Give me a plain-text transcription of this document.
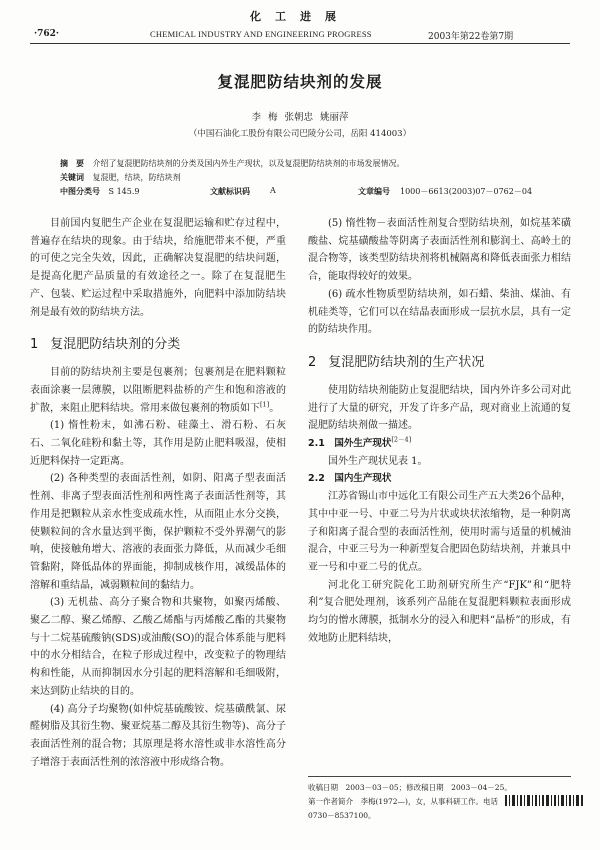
化工进展
·762·	CHEMICAL INDUSTRY AND ENGINEERING PROGRESS	2003年第22卷第7期
复混肥防结块剂的发展
李 梅 张朝忠 姚丽萍
（中国石油化工股份有限公司巴陵分公司，岳阳 414003）
摘　要 介绍了复混肥防结块剂的分类及国内外生产现状，以及复混肥防结块剂的市场发展情况。
关键词 复混肥，结块，防结块剂
中图分类号 S 145.9	文献标识码	A	文章编号 1000－6613(2003)07－0762－04

目前国内复肥生产企业在复混肥运输和贮存过程中，普遍存在结块的现象。由于结块，给施肥带来不便，严重的可使之完全失效，因此，正确解决复混肥的结块问题，是提高化肥产品质量的有效途径之一。除了在复混肥生产、包装、贮运过程中采取措施外，向肥料中添加防结块剂是最有效的防结块方法。

1 复混肥防结块剂的分类

目前的防结块剂主要是包裹剂；包裹剂是在肥料颗粒表面涂裹一层薄膜，以阻断肥料盐桥的产生和饱和溶液的扩散，来阻止肥料结块。常用来做包裹剂的物质如下[1]。

(1) 惰性粉末，如沸石粉、硅藻土、滑石粉、石灰石、二氧化硅粉和黏土等，其作用是防止肥料吸湿，使相近肥料保持一定距离。

(2) 各种类型的表面活性剂，如阴、阳离子型表面活性剂、非离子型表面活性剂和两性离子表面活性剂等，其作用是把颗粒从亲水性变成疏水性，从而阻止水分交换，使颗粒间的含水量达到平衡，保护颗粒不受外界潮气的影响，使接触角增大、溶液的表面张力降低，从而减少毛细管黏附，降低晶体的界面能，抑制成核作用，减缓晶体的溶解和重结晶，减弱颗粒间的黏结力。

(3) 无机盐、高分子聚合物和共聚物，如聚丙烯酸、聚乙二醇、聚乙烯醇、乙酸乙烯酯与丙烯酸乙酯的共聚物与十二烷基硫酸钠(SDS)或油酸(SO)的混合体系能与肥料中的水分相结合，在粒子形成过程中，改变粒子的物理结构和性能，从而抑制因水分引起的肥料溶解和毛细吸附，来达到防止结块的目的。

(4) 高分子均聚物(如仲烷基硫酸铵、烷基磺酰氯、尿醛树脂及其衍生物、聚亚烷基二醇及其衍生物等)、高分子表面活性剂的混合物；其原理是将水溶性或非水溶性高分子增溶于表面活性剂的浓溶液中形成络合物。

(5) 惰性物－表面活性剂复合型防结块剂，如烷基苯磺酸盐、烷基磺酸盐等阴离子表面活性剂和膨润土、高岭土的混合物等，该类型防结块剂将机械隔离和降低表面张力相结合，能取得较好的效果。

(6) 疏水性物质型防结块剂，如石蜡、柴油、煤油、有机硅类等，它们可以在结晶表面形成一层抗水层，具有一定的防结块作用。

2 复混肥防结块剂的生产状况

使用防结块剂能防止复混肥结块，国内外许多公司对此进行了大量的研究，开发了许多产品，现对商业上流通的复混肥防结块剂做一描述。

2.1　国外生产现状[2－4]

国外生产现状见表 1。

2.2　国内生产现状

江苏省锡山市中远化工有限公司生产五大类26个品种，其中中亚一号、中亚二号为片状或块状浓缩物，是一种阴离子和阳离子混合型的表面活性剂，使用时需与适量的机械油混合，中亚三号为一种新型复合肥固色防结块剂，并兼具中亚一号和中亚二号的优点。

河北化工研究院化工助剂研究所生产“FJK”和“肥特利”复合肥处理剂，该系列产品能在复混肥料颗粒表面形成均匀的憎水薄膜，抵制水分的浸入和肥料“晶桥”的形成，有效地防止肥料结块，

收稿日期　2003－03－05；修改稿日期　2003－04－25。
第一作者简介　李梅(1972—)，女，从事科研工作。电话 0730－8537100。
